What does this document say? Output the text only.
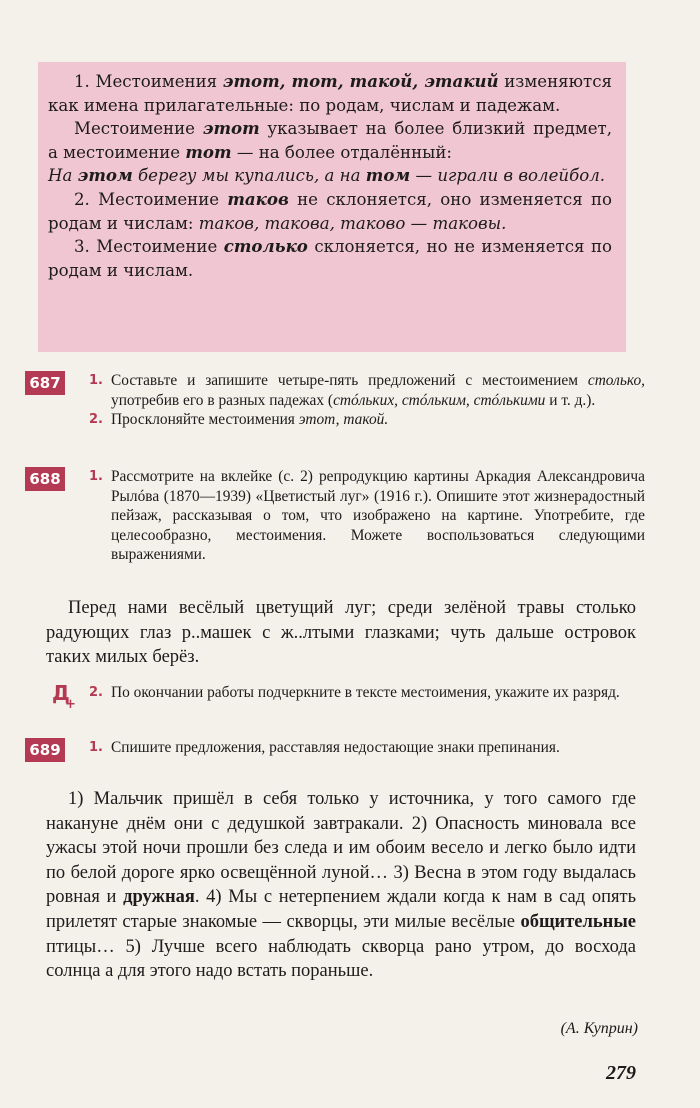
1. Местоимения этот, тот, такой, этакий изменяются как имена прилагательные: по родам, числам и падежам.

Местоимение этот указывает на более близкий предмет, а местоимение тот — на более отдалённый:

На этом берегу мы купались, а на том — играли в волейбол.

2. Местоимение таков не склоняется, оно изменяется по родам и числам: таков, такова, таково — таковы.

3. Местоимение столько склоняется, но не изменяется по родам и числам.

687	1. Составьте и запишите четыре-пять предложений с местоимением столько, употребив его в разных падежах (стóльких, стóльким, стóлькими и т. д.).
2. Просклоняйте местоимения этот, такой.
688	1. Рассмотрите на вклейке (с. 2) репродукцию картины Аркадия Александровича Рылóва (1870—1939) «Цветистый луг» (1916 г.). Опишите этот жизнерадостный пейзаж, рассказывая о том, что изображено на картине. Употребите, где целесообразно, местоимения. Можете воспользоваться следующими выражениями.

Перед нами весёлый цветущий луг; среди зелёной травы столько радующих глаз р..машек с ж..лтыми глазками; чуть дальше островок таких милых берёз.

Д
+
2. По окончании работы подчеркните в тексте местоимения, укажите их разряд.
689	1. Спишите предложения, расставляя недостающие знаки препинания.

1) Мальчик пришёл в себя только у источника, у того самого где накануне днём они с дедушкой завтракали. 2) Опасность миновала все ужасы этой ночи прошли без следа и им обоим весело и легко было идти по белой дороге ярко освещённой луной… 3) Весна в этом году выдалась ровная и дружная. 4) Мы с нетерпением ждали когда к нам в сад опять прилетят старые знакомые — скворцы, эти милые весёлые общительные птицы… 5) Лучше всего наблюдать скворца рано утром, до восхода солнца а для этого надо встать пораньше.

(А. Куприн)
279
